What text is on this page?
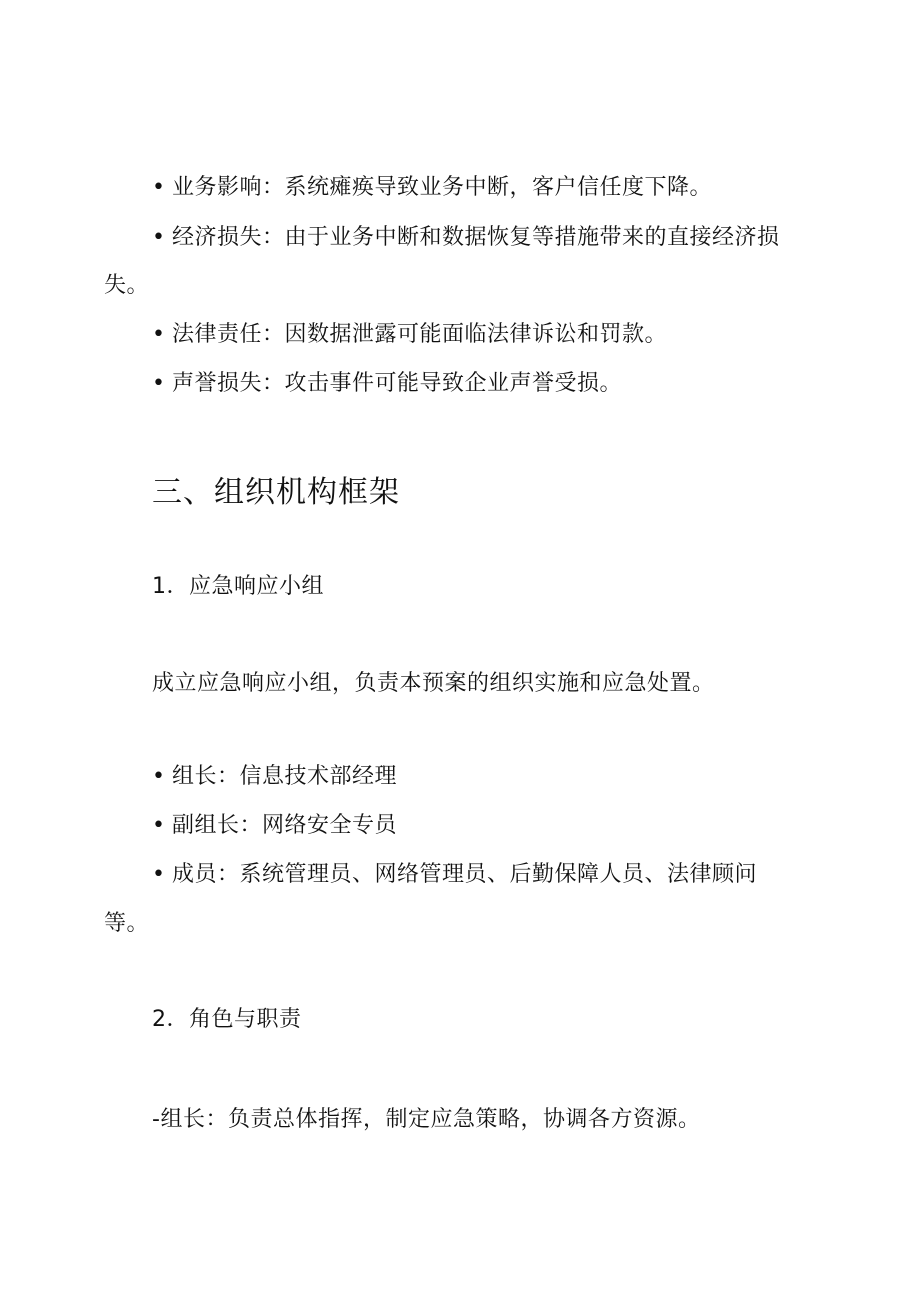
• 业务影响：系统瘫痪导致业务中断，客户信任度下降。
• 经济损失：由于业务中断和数据恢复等措施带来的直接经济损
失。
• 法律责任：因数据泄露可能面临法律诉讼和罚款。
• 声誉损失：攻击事件可能导致企业声誉受损。
三、组织机构框架
1．应急响应小组
成立应急响应小组，负责本预案的组织实施和应急处置。
• 组长：信息技术部经理
• 副组长：网络安全专员
• 成员：系统管理员、网络管理员、后勤保障人员、法律顾问
等。
2．角色与职责
-组长：负责总体指挥，制定应急策略，协调各方资源。
